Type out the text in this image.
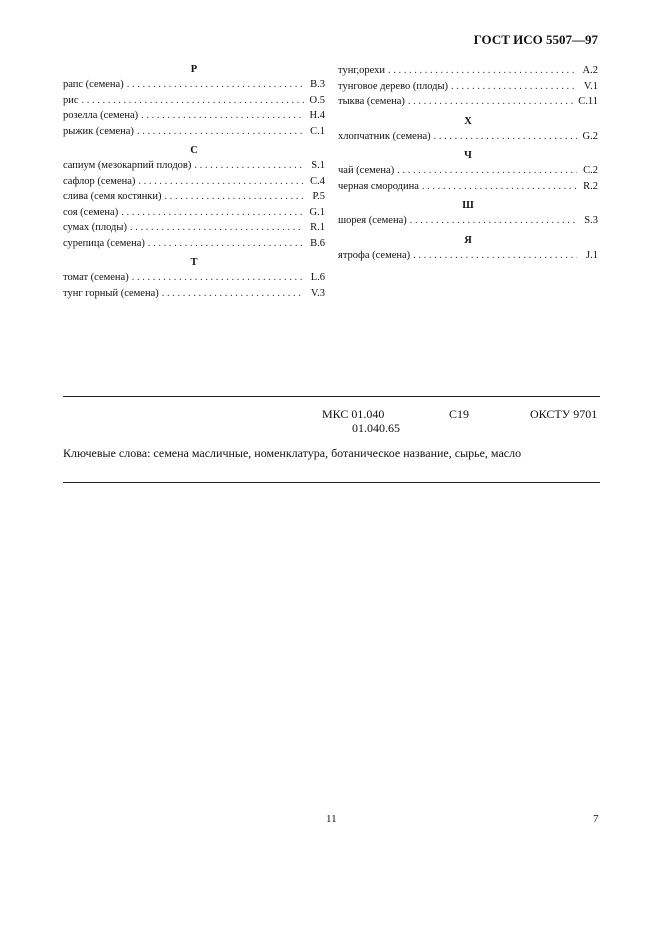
ГОСТ ИСО 5507—97
Р
рапс (семена) . . .	B.3
рис . . .	O.5
розелла (семена) . . .	H.4
рыжик (семена) . . .	C.1
С
сапиум (мезокарпий плодов) . . .	S.1
сафлор (семена) . . .	C.4
слива (семя костянки) . . .	P.5
соя (семена) . . .	G.1
сумах (плоды) . . .	R.1
сурепица (семена) . . .	B.6
Т
томат (семена) . . .	L.6
тунг горный (семена) . . .	V.3
тунг,орехи . . .	A.2
тунговое дерево (плоды) . . .	V.1
тыква (семена) . . .	C.11
Х
хлопчатник (семена) . . .	G.2
Ч
чай (семена) . . .	C.2
черная смородина . . .	R.2
Ш
шорея (семена) . . .	S.3
Я
ятрофа (семена) . . .	J.1
МКС 01.040
01.040.65
C19	ОКСТУ 9701
Ключевые слова: семена масличные, номенклатура, ботаническое название, сырье, масло
11	7
